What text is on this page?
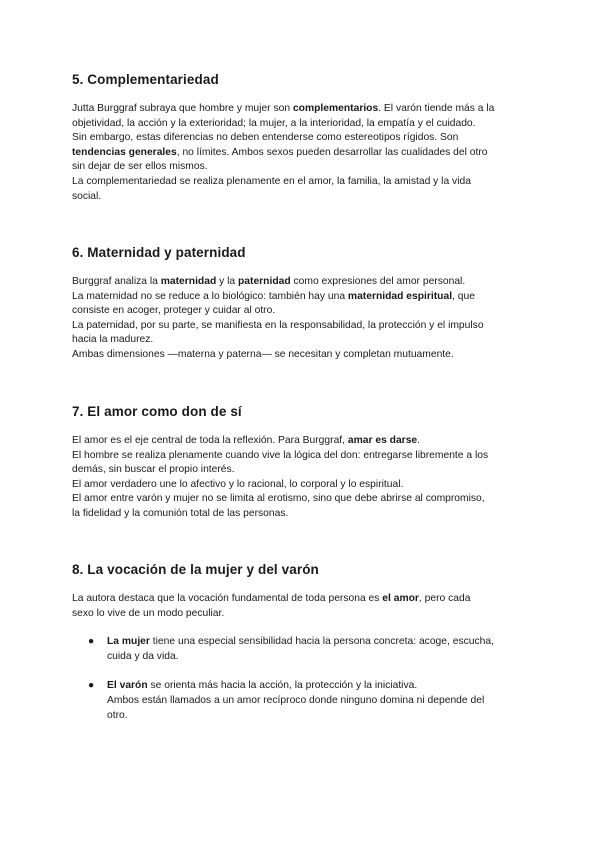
5. Complementariedad

Jutta Burggraf subraya que hombre y mujer son complementarios. El varón tiende más a la

objetividad, la acción y la exterioridad; la mujer, a la interioridad, la empatía y el cuidado.

Sin embargo, estas diferencias no deben entenderse como estereotipos rígidos. Son

tendencias generales, no límites. Ambos sexos pueden desarrollar las cualidades del otro

sin dejar de ser ellos mismos.

La complementariedad se realiza plenamente en el amor, la familia, la amistad y la vida

social.

6. Maternidad y paternidad

Burggraf analiza la maternidad y la paternidad como expresiones del amor personal.

La maternidad no se reduce a lo biológico: también hay una maternidad espiritual, que

consiste en acoger, proteger y cuidar al otro.

La paternidad, por su parte, se manifiesta en la responsabilidad, la protección y el impulso

hacia la madurez.

Ambas dimensiones —materna y paterna— se necesitan y completan mutuamente.

7. El amor como don de sí

El amor es el eje central de toda la reflexión. Para Burggraf, amar es darse.

El hombre se realiza plenamente cuando vive la lógica del don: entregarse libremente a los

demás, sin buscar el propio interés.

El amor verdadero une lo afectivo y lo racional, lo corporal y lo espiritual.

El amor entre varón y mujer no se limita al erotismo, sino que debe abrirse al compromiso,

la fidelidad y la comunión total de las personas.

8. La vocación de la mujer y del varón

La autora destaca que la vocación fundamental de toda persona es el amor, pero cada

sexo lo vive de un modo peculiar.

● La mujer tiene una especial sensibilidad hacia la persona concreta: acoge, escucha,
cuida y da vida.
● El varón se orienta más hacia la acción, la protección y la iniciativa.
Ambos están llamados a un amor recíproco donde ninguno domina ni depende del
otro.
